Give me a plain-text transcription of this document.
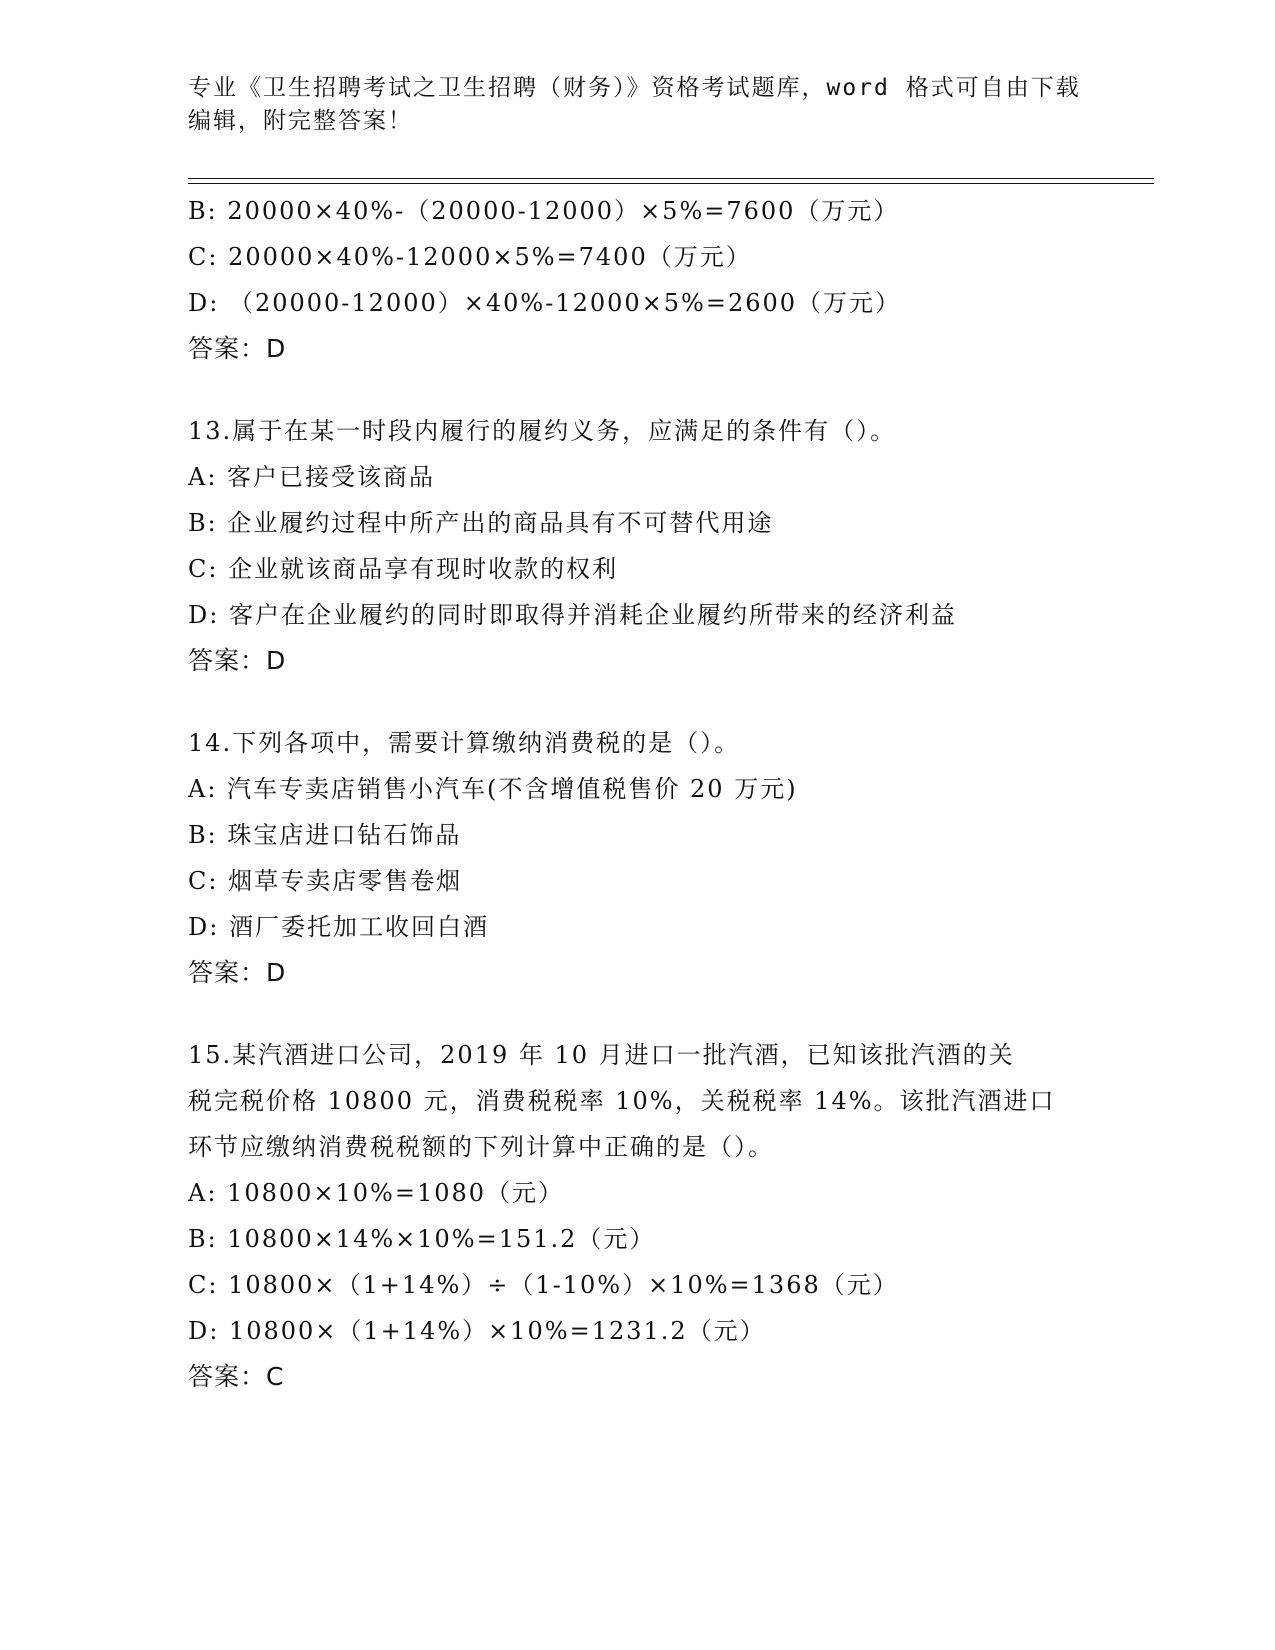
专业《卫生招聘考试之卫生招聘（财务）》资格考试题库，word 格式可自由下载
编辑，附完整答案！
B: 20000×40%-（20000-12000）×5%=7600（万元）
C: 20000×40%-12000×5%=7400（万元）
D: （20000-12000）×40%-12000×5%=2600（万元）
答案：D
13.属于在某一时段内履行的履约义务，应满足的条件有（）。
A: 客户已接受该商品
B: 企业履约过程中所产出的商品具有不可替代用途
C: 企业就该商品享有现时收款的权利
D: 客户在企业履约的同时即取得并消耗企业履约所带来的经济利益
答案：D
14.下列各项中，需要计算缴纳消费税的是（）。
A: 汽车专卖店销售小汽车(不含增值税售价 20 万元)
B: 珠宝店进口钻石饰品
C: 烟草专卖店零售卷烟
D: 酒厂委托加工收回白酒
答案：D
15.某汽酒进口公司，2019 年 10 月进口一批汽酒，已知该批汽酒的关
税完税价格 10800 元，消费税税率 10%，关税税率 14%。该批汽酒进口
环节应缴纳消费税税额的下列计算中正确的是（）。
A: 10800×10%=1080（元）
B: 10800×14%×10%=151.2（元）
C: 10800×（1+14%）÷（1-10%）×10%=1368（元）
D: 10800×（1+14%）×10%=1231.2（元）
答案：C
